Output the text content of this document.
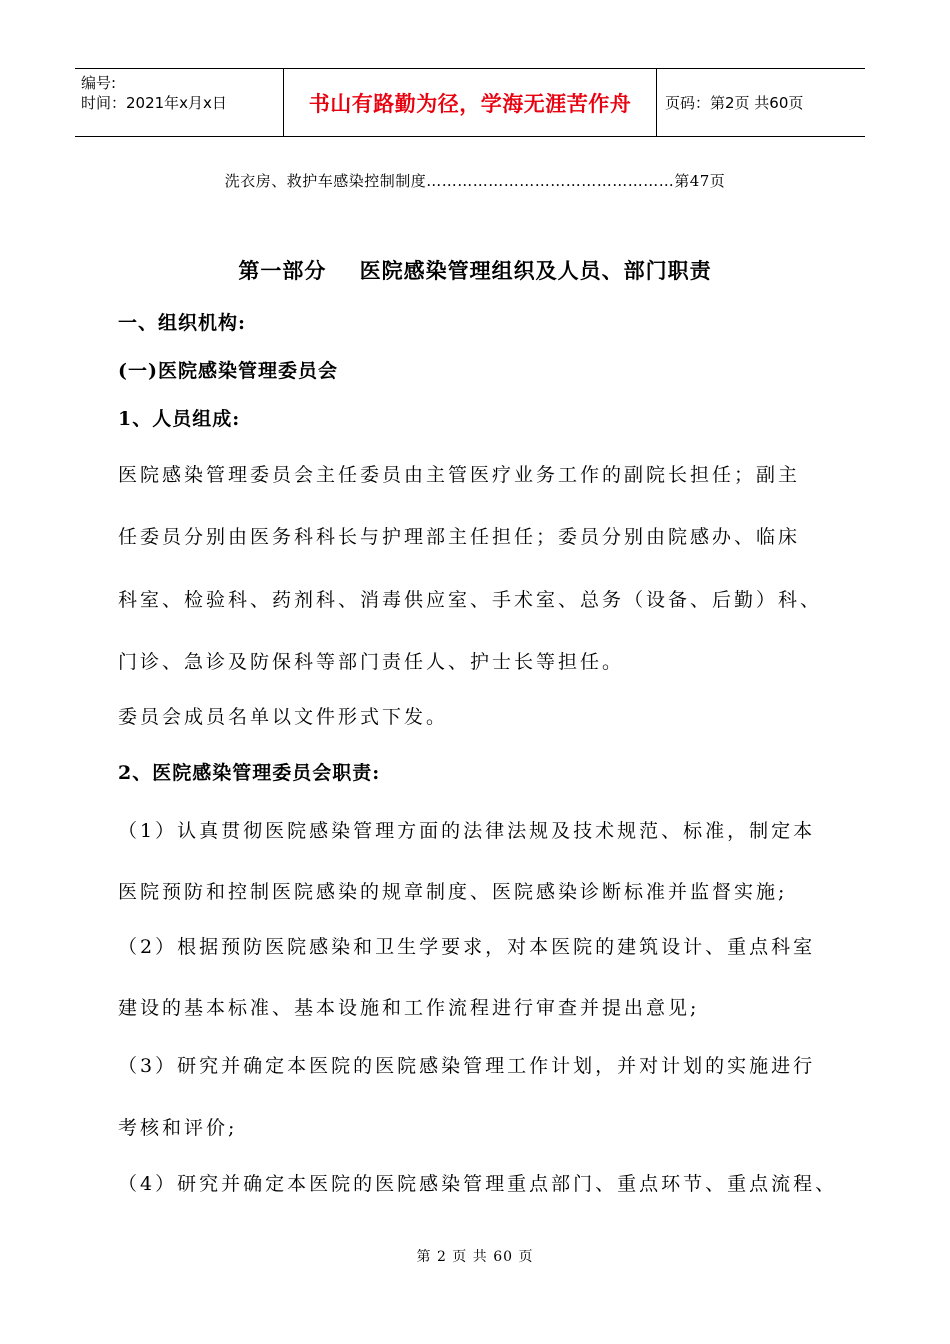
编号:
时间：2021年x月x日	书山有路勤为径，学海无涯苦作舟	页码：第2页 共60页
洗衣房、救护车感染控制制度…………………………………………第47页
第一部分    医院感染管理组织及人员、部门职责
一、组织机构:
(一)医院感染管理委员会
1、人员组成:
医院感染管理委员会主任委员由主管医疗业务工作的副院长担任；副主
任委员分别由医务科科长与护理部主任担任；委员分别由院感办、临床
科室、检验科、药剂科、消毒供应室、手术室、总务（设备、后勤）科、
门诊、急诊及防保科等部门责任人、护士长等担任。
委员会成员名单以文件形式下发。
2、医院感染管理委员会职责:
（1）认真贯彻医院感染管理方面的法律法规及技术规范、标准，制定本
医院预防和控制医院感染的规章制度、医院感染诊断标准并监督实施;
（2）根据预防医院感染和卫生学要求，对本医院的建筑设计、重点科室
建设的基本标准、基本设施和工作流程进行审查并提出意见;
（3）研究并确定本医院的医院感染管理工作计划，并对计划的实施进行
考核和评价;
（4）研究并确定本医院的医院感染管理重点部门、重点环节、重点流程、
第 2 页 共 60 页
